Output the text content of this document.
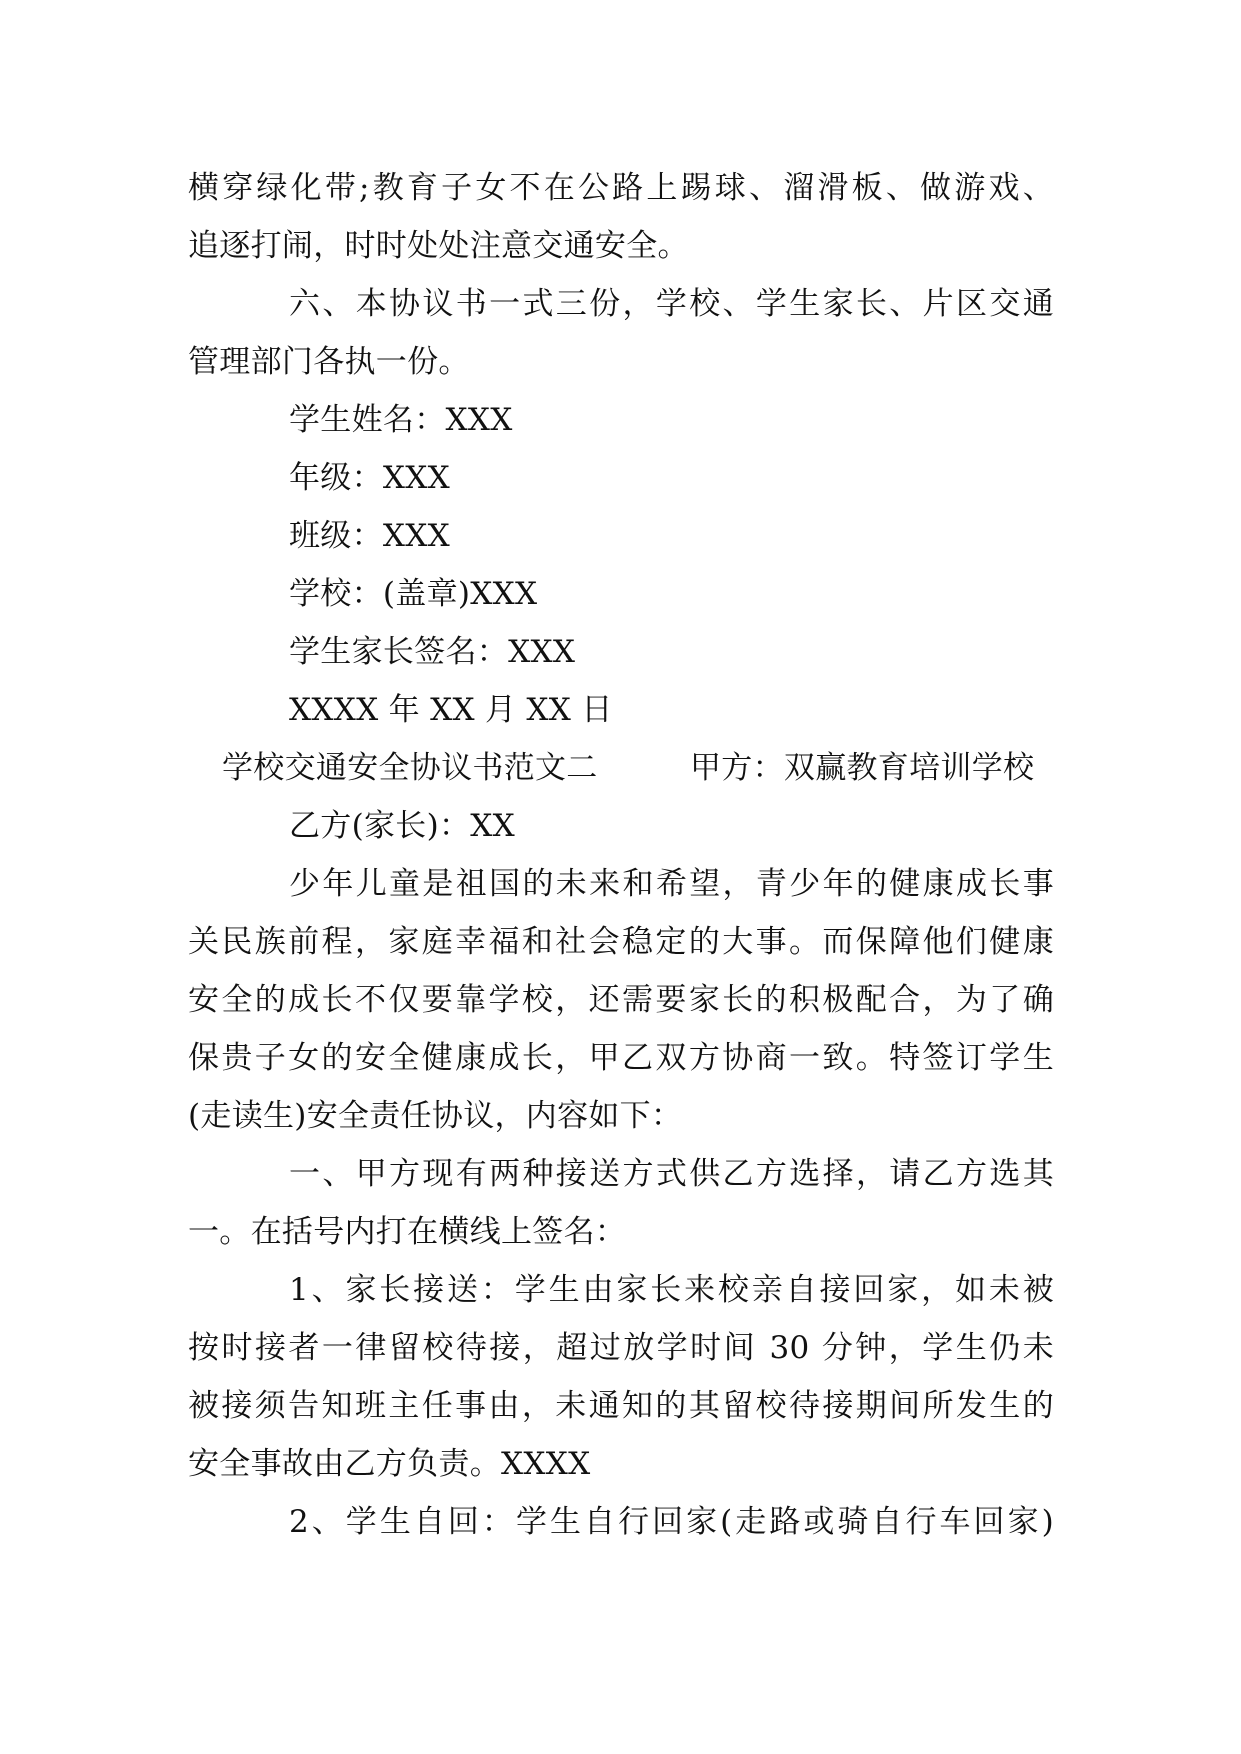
横穿绿化带;教育子女不在公路上踢球、溜滑板、做游戏、

追逐打闹，时时处处注意交通安全。

六、本协议书一式三份，学校、学生家长、片区交通

管理部门各执一份。

学生姓名：XXX

年级：XXX

班级：XXX

学校：(盖章)XXX

学生家长签名：XXX

XXXX 年 XX 月 XX 日

学校交通安全协议书范文二	甲方：双赢教育培训学校

乙方(家长)：XX

少年儿童是祖国的未来和希望，青少年的健康成长事

关民族前程，家庭幸福和社会稳定的大事。而保障他们健康

安全的成长不仅要靠学校，还需要家长的积极配合，为了确

保贵子女的安全健康成长，甲乙双方协商一致。特签订学生

(走读生)安全责任协议，内容如下：

一、甲方现有两种接送方式供乙方选择，请乙方选其

一。在括号内打在横线上签名：

1、家长接送：学生由家长来校亲自接回家，如未被

按时接者一律留校待接，超过放学时间 30 分钟，学生仍未

被接须告知班主任事由，未通知的其留校待接期间所发生的

安全事故由乙方负责。XXXX

2、学生自回：学生自行回家(走路或骑自行车回家)
